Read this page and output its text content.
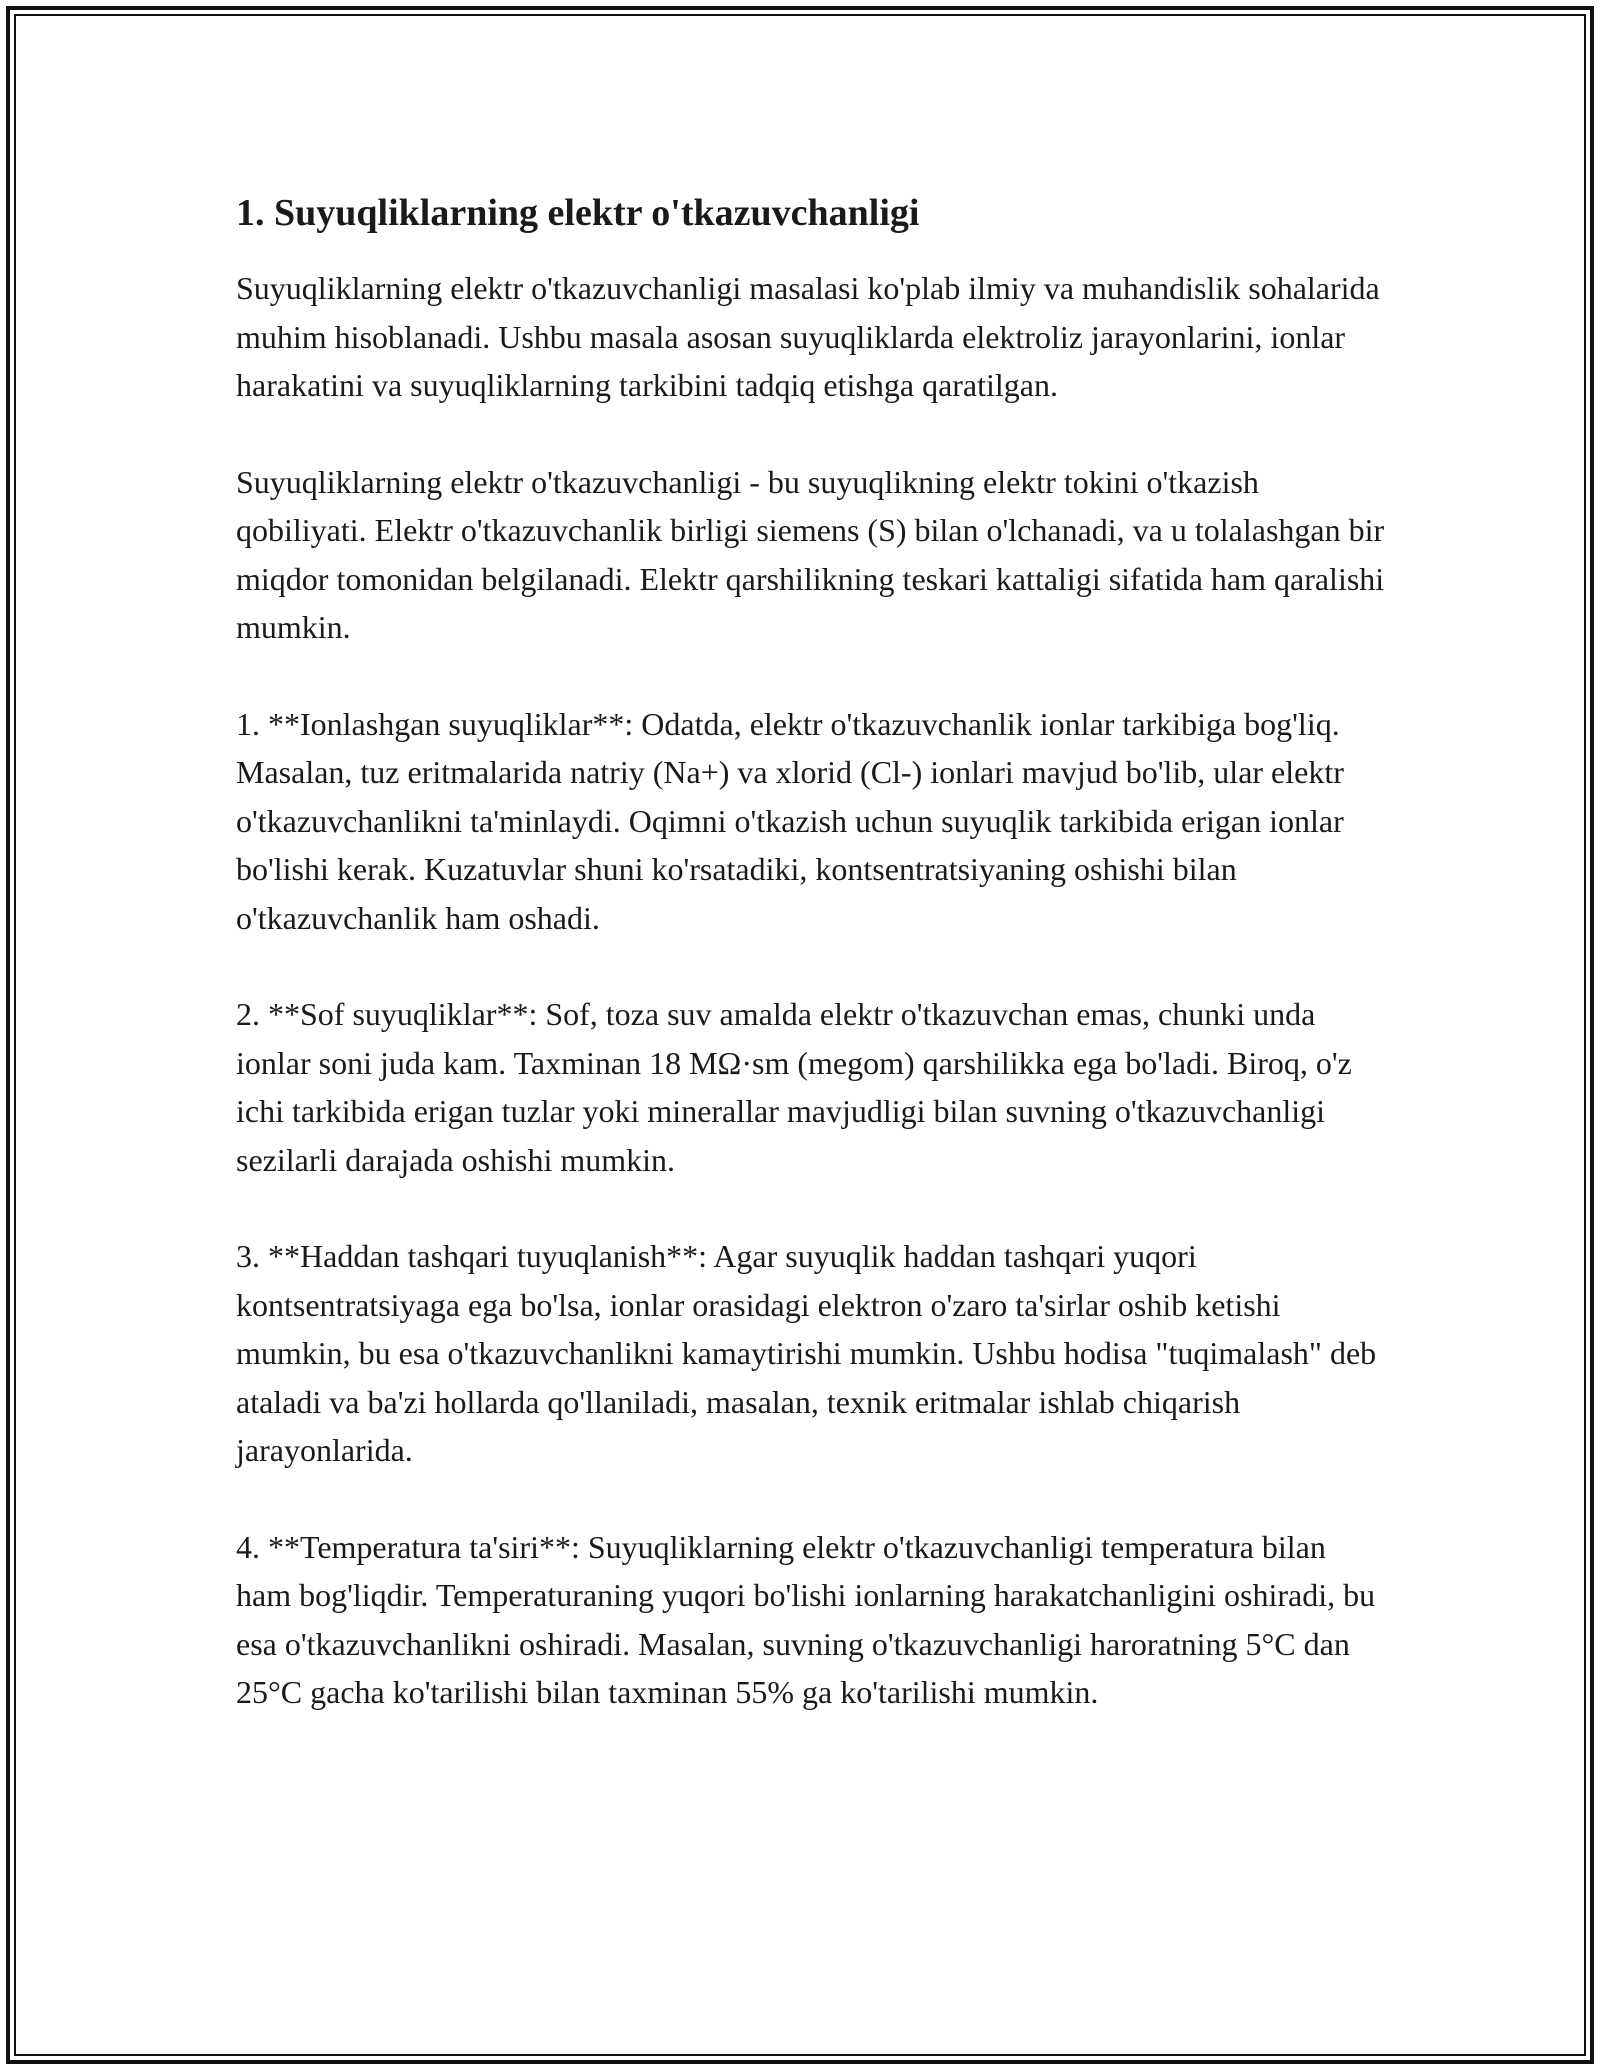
1. Suyuqliklarning elektr o'tkazuvchanligi

Suyuqliklarning elektr o'tkazuvchanligi masalasi ko'plab ilmiy va muhandislik sohalarida muhim hisoblanadi. Ushbu masala asosan suyuqliklarda elektroliz jarayonlarini, ionlar harakatini va suyuqliklarning tarkibini tadqiq etishga qaratilgan.

Suyuqliklarning elektr o'tkazuvchanligi - bu suyuqlikning elektr tokini o'tkazish qobiliyati. Elektr o'tkazuvchanlik birligi siemens (S) bilan o'lchanadi, va u tolalashgan bir miqdor tomonidan belgilanadi. Elektr qarshilikning teskari kattaligi sifatida ham qaralishi mumkin.

1. **Ionlashgan suyuqliklar**: Odatda, elektr o'tkazuvchanlik ionlar tarkibiga bog'liq. Masalan, tuz eritmalarida natriy (Na+) va xlorid (Cl-) ionlari mavjud bo'lib, ular elektr o'tkazuvchanlikni ta'minlaydi. Oqimni o'tkazish uchun suyuqlik tarkibida erigan ionlar bo'lishi kerak. Kuzatuvlar shuni ko'rsatadiki, kontsentratsiyaning oshishi bilan o'tkazuvchanlik ham oshadi.

2. **Sof suyuqliklar**: Sof, toza suv amalda elektr o'tkazuvchan emas, chunki unda ionlar soni juda kam. Taxminan 18 MΩ·sm (megom) qarshilikka ega bo'ladi. Biroq, o'z ichi tarkibida erigan tuzlar yoki minerallar mavjudligi bilan suvning o'tkazuvchanligi sezilarli darajada oshishi mumkin.

3. **Haddan tashqari tuyuqlanish**: Agar suyuqlik haddan tashqari yuqori kontsentratsiyaga ega bo'lsa, ionlar orasidagi elektron o'zaro ta'sirlar oshib ketishi mumkin, bu esa o'tkazuvchanlikni kamaytirishi mumkin. Ushbu hodisa "tuqimalash" deb ataladi va ba'zi hollarda qo'llaniladi, masalan, texnik eritmalar ishlab chiqarish jarayonlarida.

4. **Temperatura ta'siri**: Suyuqliklarning elektr o'tkazuvchanligi temperatura bilan ham bog'liqdir. Temperaturaning yuqori bo'lishi ionlarning harakatchanligini oshiradi, bu esa o'tkazuvchanlikni oshiradi. Masalan, suvning o'tkazuvchanligi haroratning 5°C dan 25°C gacha ko'tarilishi bilan taxminan 55% ga ko'tarilishi mumkin.
